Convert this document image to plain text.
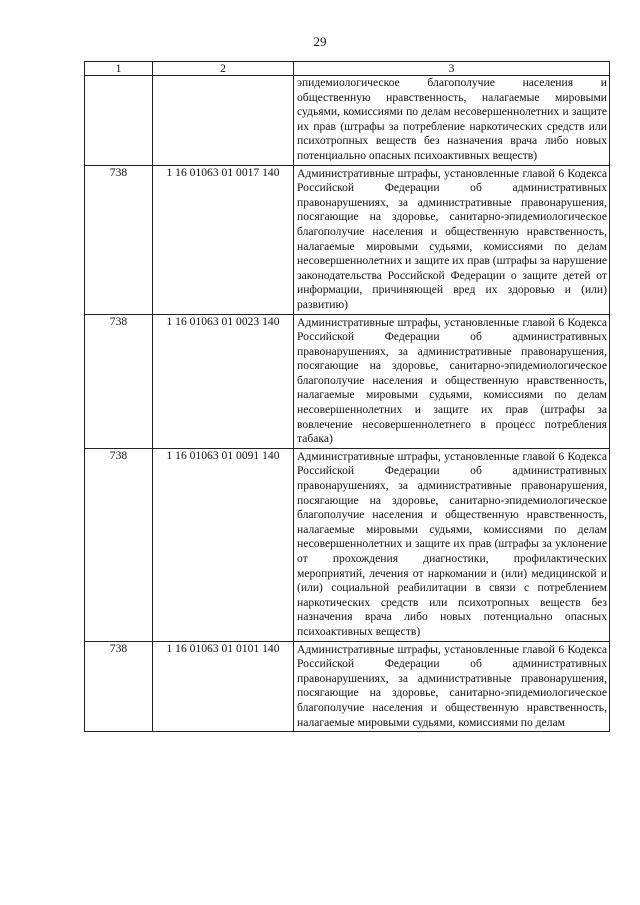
29
1	2	3
		эпидемиологическое благополучие населения и общественную нравственность, налагаемые мировыми судьями, комиссиями по делам несовершеннолетних и защите их прав (штрафы за потребление наркотических средств или психотропных веществ без назначения врача либо новых потенциально опасных психоактивных веществ)
738	1 16 01063 01 0017 140	Административные штрафы, установленные главой 6 Кодекса Российской Федерации об административных правонарушениях, за административные правонарушения, посягающие на здоровье, санитарно-эпидемиологическое благополучие населения и общественную нравственность, налагаемые мировыми судьями, комиссиями по делам несовершеннолетних и защите их прав (штрафы за нарушение законодательства Российской Федерации о защите детей от информации, причиняющей вред их здоровью и (или) развитию)
738	1 16 01063 01 0023 140	Административные штрафы, установленные главой 6 Кодекса Российской Федерации об административных правонарушениях, за административные правонарушения, посягающие на здоровье, санитарно-эпидемиологическое благополучие населения и общественную нравственность, налагаемые мировыми судьями, комиссиями по делам несовершеннолетних и защите их прав (штрафы за вовлечение несовершеннолетнего в процесс потребления табака)
738	1 16 01063 01 0091 140	Административные штрафы, установленные главой 6 Кодекса Российской Федерации об административных правонарушениях, за административные правонарушения, посягающие на здоровье, санитарно-эпидемиологическое благополучие населения и общественную нравственность, налагаемые мировыми судьями, комиссиями по делам несовершеннолетних и защите их прав (штрафы за уклонение от прохождения диагностики, профилактических мероприятий, лечения от наркомании и (или) медицинской и (или) социальной реабилитации в связи с потреблением наркотических средств или психотропных веществ без назначения врача либо новых потенциально опасных психоактивных веществ)
738	1 16 01063 01 0101 140	Административные штрафы, установленные главой 6 Кодекса Российской Федерации об административных правонарушениях, за административные правонарушения, посягающие на здоровье, санитарно-эпидемиологическое благополучие населения и общественную нравственность, налагаемые мировыми судьями, комиссиями по делам
